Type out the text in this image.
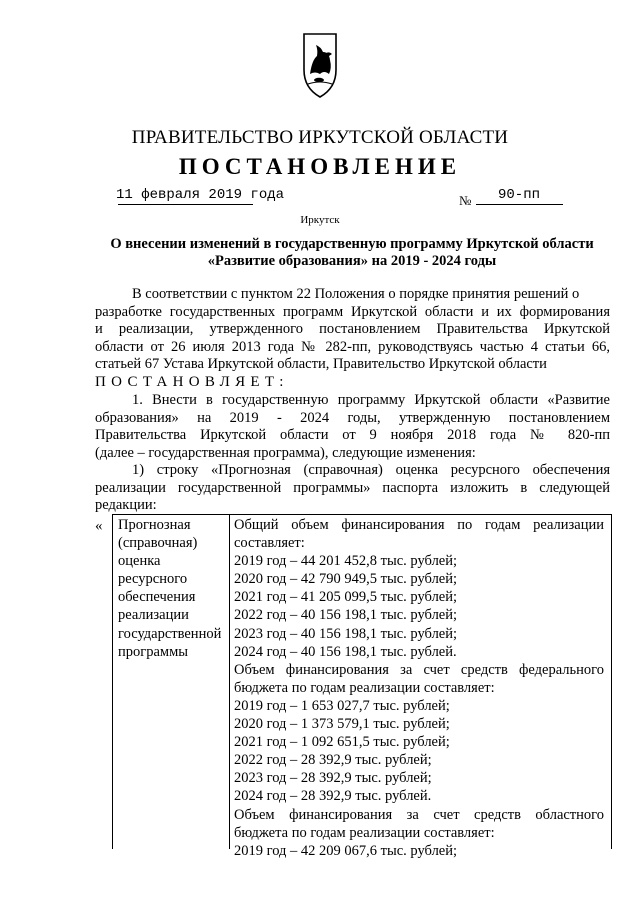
ПРАВИТЕЛЬСТВО ИРКУТСКОЙ ОБЛАСТИ
ПОСТАНОВЛЕНИЕ
11 февраля 2019 года	№ 90-пп
Иркутск
О внесении изменений в государственную программу Иркутской области
«Развитие образования» на 2019 - 2024 годы
В соответствии с пунктом 22 Положения о порядке принятия решений о
разработке государственных программ Иркутской области и их формирования
и реализации, утвержденного постановлением Правительства Иркутской
области от 26 июля 2013 года № 282-пп, руководствуясь частью 4 статьи 66,
статьей 67 Устава Иркутской области, Правительство Иркутской области
ПОСТАНОВЛЯЕТ:
1. Внести в государственную программу Иркутской области «Развитие
образования» на 2019 - 2024 годы, утвержденную постановлением
Правительства Иркутской области от 9 ноября 2018 года № 820-пп
(далее – государственная программа), следующие изменения:
1) строку «Прогнозная (справочная) оценка ресурсного обеспечения
реализации государственной программы» паспорта изложить в следующей
редакции:
« Прогнозная
(справочная)
оценка
ресурсного
обеспечения
реализации
государственной
программы
Общий объем финансирования по годам реализации
составляет:
2019 год – 44 201 452,8 тыс. рублей;
2020 год – 42 790 949,5 тыс. рублей;
2021 год – 41 205 099,5 тыс. рублей;
2022 год – 40 156 198,1 тыс. рублей;
2023 год – 40 156 198,1 тыс. рублей;
2024 год – 40 156 198,1 тыс. рублей.
Объем финансирования за счет средств федерального
бюджета по годам реализации составляет:
2019 год – 1 653 027,7 тыс. рублей;
2020 год – 1 373 579,1 тыс. рублей;
2021 год – 1 092 651,5 тыс. рублей;
2022 год – 28 392,9 тыс. рублей;
2023 год – 28 392,9 тыс. рублей;
2024 год – 28 392,9 тыс. рублей.
Объем финансирования за счет средств областного
бюджета по годам реализации составляет:
2019 год – 42 209 067,6 тыс. рублей;
